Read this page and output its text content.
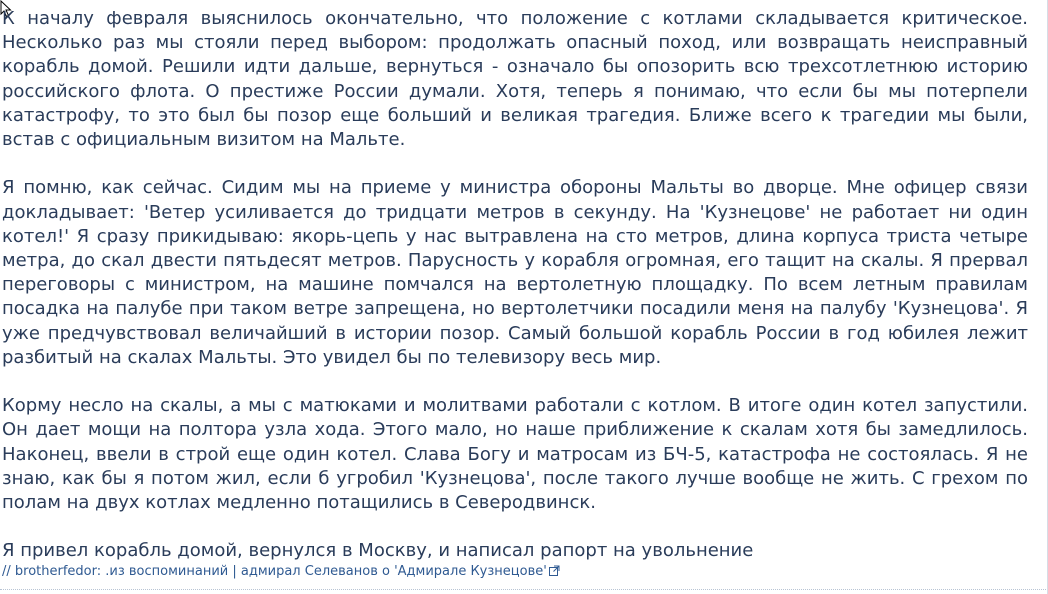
К началу февраля выяснилось окончательно, что положение с котлами складывается критическое. Несколько раз мы стояли перед выбором: продолжать опасный поход, или возвращать неисправный корабль домой. Решили идти дальше, вернуться - означало бы опозорить всю трехсотлетнюю историю российского флота. О престиже России думали. Хотя, теперь я понимаю, что если бы мы потерпели катастрофу, то это был бы позор еще больший и великая трагедия. Ближе всего к трагедии мы были, встав с официальным визитом на Мальте.

Я помню, как сейчас. Сидим мы на приеме у министра обороны Мальты во дворце. Мне офицер связи докладывает: 'Ветер усиливается до тридцати метров в секунду. На 'Кузнецове' не работает ни один котел!' Я сразу прикидываю: якорь-цепь у нас вытравлена на сто метров, длина корпуса триста четыре метра, до скал двести пятьдесят метров. Парусность у корабля огромная, его тащит на скалы. Я прервал переговоры с министром, на машине помчался на вертолетную площадку. По всем летным правилам посадка на палубе при таком ветре запрещена, но вертолетчики посадили меня на палубу 'Кузнецова'. Я уже предчувствовал величайший в истории позор. Самый большой корабль России в год юбилея лежит разбитый на скалах Мальты. Это увидел бы по телевизору весь мир.

Корму несло на скалы, а мы с матюками и молитвами работали с котлом. В итоге один котел запустили. Он дает мощи на полтора узла хода. Этого мало, но наше приближение к скалам хотя бы замедлилось. Наконец, ввели в строй еще один котел. Слава Богу и матросам из БЧ-5, катастрофа не состоялась. Я не знаю, как бы я потом жил, если б угробил 'Кузнецова', после такого лучше вообще не жить. С грехом по полам на двух котлах медленно потащились в Северодвинск.

Я привел корабль домой, вернулся в Москву, и написал рапорт на увольнение

// brotherfedor: .из воспоминаний | адмирал Селеванов о 'Адмирале Кузнецове'
